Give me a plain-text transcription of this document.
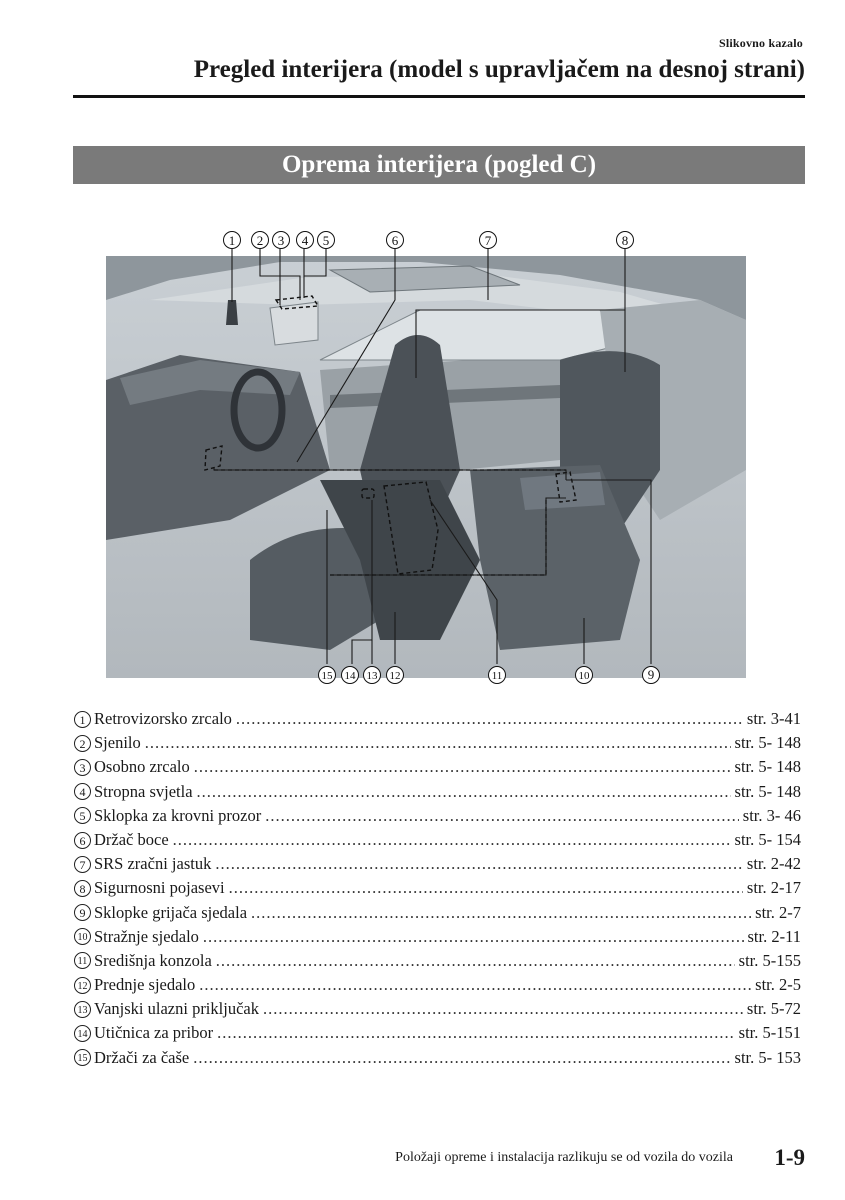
Slikovno kazalo
Pregled interijera (model s upravljačem na desnoj strani)
Oprema interijera (pogled C)
1 2 3 4 5	6	7	8
15 14 13 12	11	10	9
1 Retrovizorsko zrcalo .....	str. 3-41
2 Sjenilo .....	str. 5- 148
3 Osobno zrcalo .....	str. 5- 148
4 Stropna svjetla .....	str. 5- 148
5 Sklopka za krovni prozor .....	str. 3- 46
6 Držač boce .....	str. 5- 154
7 SRS zračni jastuk .....	str. 2-42
8 Sigurnosni pojasevi .....	str. 2-17
9 Sklopke grijača sjedala .....	str. 2-7
10 Stražnje sjedalo .....	str. 2-11
11 Središnja konzola .....	str. 5-155
12 Prednje sjedalo .....	str. 2-5
13 Vanjski ulazni priključak .....	str. 5-72
14 Utičnica za pribor .....	str. 5-151
15 Držači za čaše .....	str. 5- 153
Položaji opreme i instalacija razlikuju se od vozila do vozila 1-9
